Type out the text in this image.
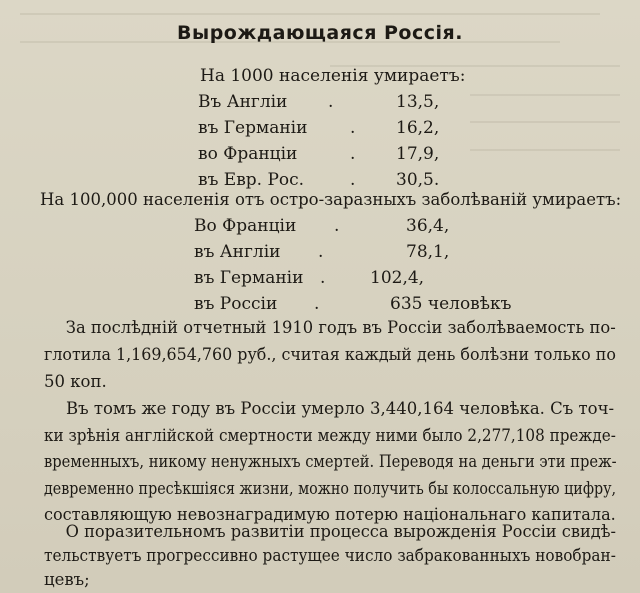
Вырождающаяся Россія.
На 1000 населенія умираетъ:
Въ Англіи .	13,5,
въ Германіи	. 16,2,
во Франціи	. 17,9,
въ Евр. Рос.	. 30,5.
На 100,000 населенія отъ остро-заразныхъ заболѣваній умираетъ:
Во Франціи .	36,4,
въ Англіи .	78,1,
въ Германіи .	102,4,
въ Россіи .	635 человѣкъ

За послѣдній отчетный 1910 годъ въ Россіи заболѣваемость по-
глотила 1,169,654,760 руб., считая каждый день болѣзни только по
50 коп.

Въ томъ же году въ Россіи умерло 3,440,164 человѣка. Съ точ-
ки зрѣнія англійской смертности между ними было 2,277,108 прежде-
временныхъ, никому ненужныхъ смертей. Переводя на деньги эти преж-
девременно пресѣкшіяся жизни, можно получить бы колоссальную цифру,
составляющую невознаградимую потерю національнаго капитала.

О поразительномъ развитіи процесса вырожденія Россіи свидѣ-
тельствуетъ прогрессивно растущее число забракованныхъ новобран-
цевъ;
